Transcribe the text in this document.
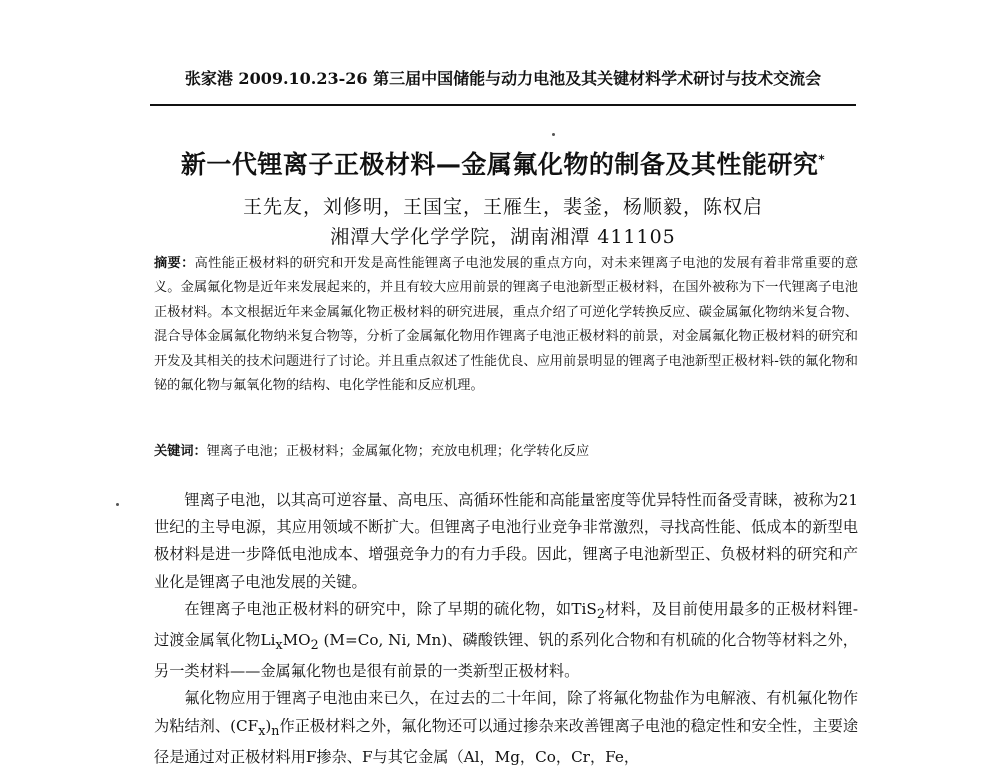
张家港 2009.10.23-26 第三届中国储能与动力电池及其关键材料学术研讨与技术交流会
新一代锂离子正极材料—金属氟化物的制备及其性能研究*
王先友，刘修明，王国宝，王雁生，裴釜，杨顺毅，陈权启
湘潭大学化学学院，湖南湘潭 411105
摘要：高性能正极材料的研究和开发是高性能锂离子电池发展的重点方向，对未来锂离子电池的发展有着非常重要的意义。金属氟化物是近年来发展起来的，并且有较大应用前景的锂离子电池新型正极材料，在国外被称为下一代锂离子电池正极材料。本文根据近年来金属氟化物正极材料的研究进展，重点介绍了可逆化学转换反应、碳金属氟化物纳米复合物、混合导体金属氟化物纳米复合物等，分析了金属氟化物用作锂离子电池正极材料的前景，对金属氟化物正极材料的研究和开发及其相关的技术问题进行了讨论。并且重点叙述了性能优良、应用前景明显的锂离子电池新型正极材料-铁的氟化物和铋的氟化物与氟氧化物的结构、电化学性能和反应机理。
关键词：锂离子电池；正极材料；金属氟化物；充放电机理；化学转化反应

锂离子电池，以其高可逆容量、高电压、高循环性能和高能量密度等优异特性而备受青睐，被称为21世纪的主导电源，其应用领域不断扩大。但锂离子电池行业竞争非常激烈，寻找高性能、低成本的新型电极材料是进一步降低电池成本、增强竞争力的有力手段。因此，锂离子电池新型正、负极材料的研究和产业化是锂离子电池发展的关键。

在锂离子电池正极材料的研究中，除了早期的硫化物，如TiS$_2$材料，及目前使用最多的正极材料锂-过渡金属氧化物$Li_xMO_2$ (M=Co, Ni, Mn)、磷酸铁锂、钒的系列化合物和有机硫的化合物等材料之外，另一类材料——金属氟化物也是很有前景的一类新型正极材料。

氟化物应用于锂离子电池由来已久，在过去的二十年间，除了将氟化物盐作为电解液、有机氟化物作为粘结剂、$(CF_x)_n$作正极材料之外，氟化物还可以通过掺杂来改善锂离子电池的稳定性和安全性，主要途径是通过对正极材料用F掺杂、F与其它金属（Al，Mg，Co，Cr，Fe，
